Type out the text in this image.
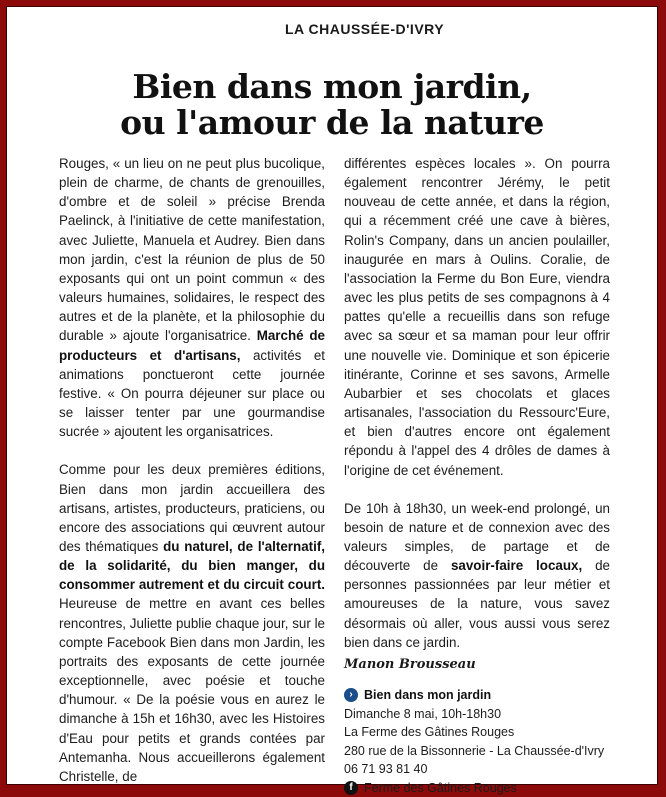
LA CHAUSSÉE-D'IVRY
Bien dans mon jardin,
ou l'amour de la nature

Rouges, « un lieu on ne peut plus bucolique, plein de charme, de chants de grenouilles, d'ombre et de soleil » précise Brenda Paelinck, à l'initiative de cette manifestation, avec Juliette, Manuela et Audrey. Bien dans mon jardin, c'est la réunion de plus de 50 exposants qui ont un point commun « des valeurs humaines, solidaires, le respect des autres et de la planète, et la philosophie du durable » ajoute l'organisatrice. Marché de producteurs et d'artisans, activités et animations ponctueront cette journée festive. « On pourra déjeuner sur place ou se laisser tenter par une gourmandise sucrée » ajoutent les organisatrices.

Comme pour les deux premières éditions, Bien dans mon jardin accueillera des artisans, artistes, producteurs, praticiens, ou encore des associations qui œuvrent autour des thématiques du naturel, de l'alternatif, de la solidarité, du bien manger, du consommer autrement et du circuit court. Heureuse de mettre en avant ces belles rencontres, Juliette publie chaque jour, sur le compte Facebook Bien dans mon Jardin, les portraits des exposants de cette journée exceptionnelle, avec poésie et touche d'humour. « De la poésie vous en aurez le dimanche à 15h et 16h30, avec les Histoires d'Eau pour petits et grands contées par Antemanha. Nous accueillerons également Christelle, de

différentes espèces locales ». On pourra également rencontrer Jérémy, le petit nouveau de cette année, et dans la région, qui a récemment créé une cave à bières, Rolin's Company, dans un ancien poulailler, inaugurée en mars à Oulins. Coralie, de l'association la Ferme du Bon Eure, viendra avec les plus petits de ses compagnons à 4 pattes qu'elle a recueillis dans son refuge avec sa sœur et sa maman pour leur offrir une nouvelle vie. Dominique et son épicerie itinérante, Corinne et ses savons, Armelle Aubarbier et ses chocolats et glaces artisanales, l'association du Ressourc'Eure, et bien d'autres encore ont également répondu à l'appel des 4 drôles de dames à l'origine de cet événement.

De 10h à 18h30, un week-end prolongé, un besoin de nature et de connexion avec des valeurs simples, de partage et de découverte de savoir-faire locaux, de personnes passionnées par leur métier et amoureuses de la nature, vous savez désormais où aller, vous aussi vous serez bien dans ce jardin.

Manon Brousseau
› Bien dans mon jardin
Dimanche 8 mai, 10h-18h30
La Ferme des Gâtines Rouges
280 rue de la Bissonnerie - La Chaussée-d'Ivry
06 71 93 81 40
f Ferme des Gâtines Rouges
